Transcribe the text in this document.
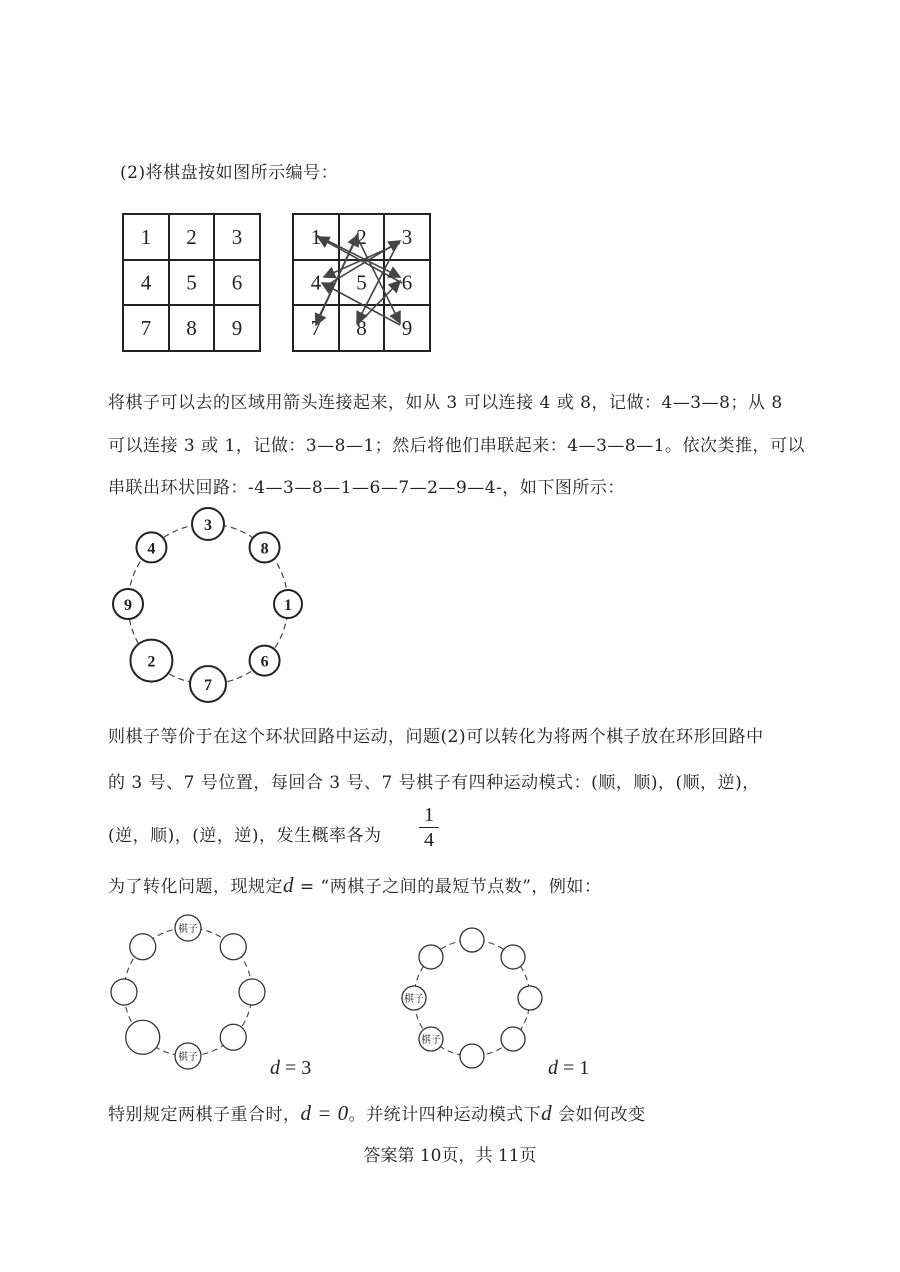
(2)将棋盘按如图所示编号：
1 2 3
4 5 6
7 8 9
1 2 3
4 5 6
7 8 9
将棋子可以去的区域用箭头连接起来，如从 3 可以连接 4 或 8，记做：4—3—8；从 8
可以连接 3 或 1，记做：3—8—1；然后将他们串联起来：4—3—8—1。依次类推，可以
串联出环状回路：-4—3—8—1—6—7—2—9—4-，如下图所示：
3
8
1
6
7
2
9
4
则棋子等价于在这个环状回路中运动，问题(2)可以转化为将两个棋子放在环形回路中
的 3 号、7 号位置，每回合 3 号、7 号棋子有四种运动模式：(顺，顺)，(顺，逆)，
(逆，顺)，(逆，逆)，发生概率各为
1
4
为了转化问题，现规定d = “两棋子之间的最短节点数”，例如：
棋子
棋子	d = 3
棋子
棋子
d = 1
特别规定两棋子重合时，d = 0。并统计四种运动模式下d 会如何改变
答案第 10页，共 11页
